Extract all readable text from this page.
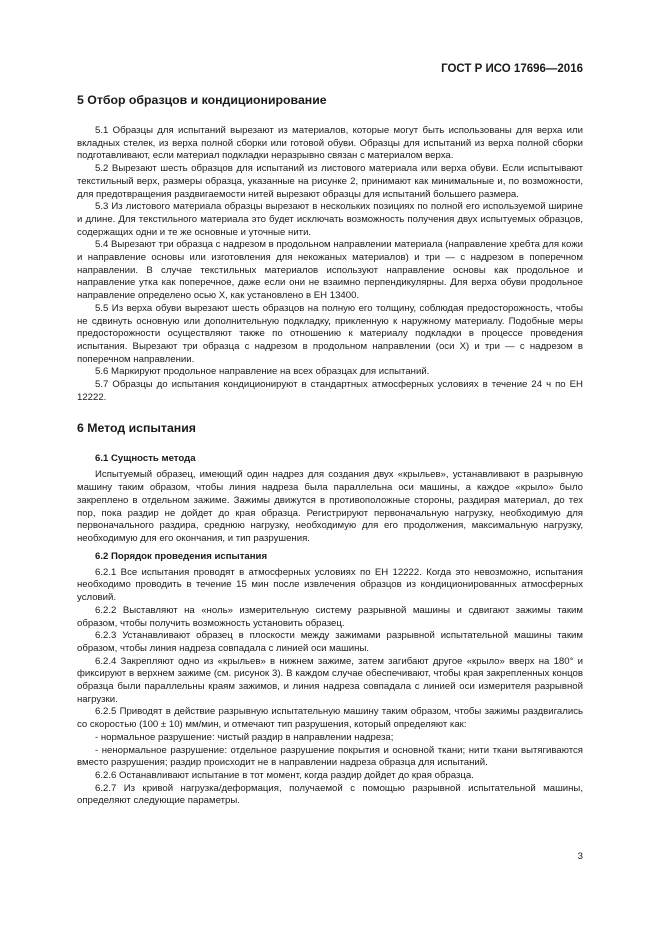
ГОСТ Р ИСО 17696—2016
5 Отбор образцов и кондиционирование

5.1 Образцы для испытаний вырезают из материалов, которые могут быть использованы для верха или вкладных стелек, из верха полной сборки или готовой обуви. Образцы для испытаний из верха полной сборки подготавливают, если материал подкладки неразрывно связан с материалом верха.

5.2 Вырезают шесть образцов для испытаний из листового материала или верха обуви. Если испытывают текстильный верх, размеры образца, указанные на рисунке 2, принимают как минимальные и, по возможности, для предотвращения раздвигаемости нитей вырезают образцы для испытаний большего размера.

5.3 Из листового материала образцы вырезают в нескольких позициях по полной его используемой ширине и длине. Для текстильного материала это будет исключать возможность получения двух испытуемых образцов, содержащих одни и те же основные и уточные нити.

5.4 Вырезают три образца с надрезом в продольном направлении материала (направление хребта для кожи и направление основы или изготовления для некожаных материалов) и три — с надрезом в поперечном направлении. В случае текстильных материалов используют направление основы как продольное и направление утка как поперечное, даже если они не взаимно перпендикулярны. Для верха обуви продольное направление определено осью X, как установлено в ЕН 13400.

5.5 Из верха обуви вырезают шесть образцов на полную его толщину, соблюдая предосторожность, чтобы не сдвинуть основную или дополнительную подкладку, прикленную к наружному материалу. Подобные меры предосторожности осуществляют также по отношению к материалу подкладки в процессе проведения испытания. Вырезают три образца с надрезом в продольном направлении (оси X) и три — с надрезом в поперечном направлении.

5.6 Маркируют продольное направление на всех образцах для испытаний.

5.7 Образцы до испытания кондиционируют в стандартных атмосферных условиях в течение 24 ч по ЕН 12222.

6 Метод испытания
6.1 Сущность метода

Испытуемый образец, имеющий один надрез для создания двух «крыльев», устанавливают в разрывную машину таким образом, чтобы линия надреза была параллельна оси машины, а каждое «крыло» было закреплено в отдельном зажиме. Зажимы движутся в противоположные стороны, раздирая материал, до тех пор, пока раздир не дойдет до края образца. Регистрируют первоначальную нагрузку, необходимую для первоначального раздира, среднюю нагрузку, необходимую для его продолжения, максимальную нагрузку, необходимую для его окончания, и тип разрушения.

6.2 Порядок проведения испытания

6.2.1 Все испытания проводят в атмосферных условиях по ЕН 12222. Когда это невозможно, испытания необходимо проводить в течение 15 мин после извлечения образцов из кондиционированных атмосферных условий.

6.2.2 Выставляют на «ноль» измерительную систему разрывной машины и сдвигают зажимы таким образом, чтобы получить возможность установить образец.

6.2.3 Устанавливают образец в плоскости между зажимами разрывной испытательной машины таким образом, чтобы линия надреза совпадала с линией оси машины.

6.2.4 Закрепляют одно из «крыльев» в нижнем зажиме, затем загибают другое «крыло» вверх на 180° и фиксируют в верхнем зажиме (см. рисунок 3). В каждом случае обеспечивают, чтобы края закрепленных концов образца были параллельны краям зажимов, и линия надреза совпадала с линией оси измерителя разрывной нагрузки.

6.2.5 Приводят в действие разрывную испытательную машину таким образом, чтобы зажимы раздвигались со скоростью (100 ± 10) мм/мин, и отмечают тип разрушения, который определяют как:

- нормальное разрушение: чистый раздир в направлении надреза;
- ненормальное разрушение: отдельное разрушение покрытия и основной ткани; нити ткани вытягиваются вместо разрушения; раздир происходит не в направлении надреза образца для испытаний.

6.2.6 Останавливают испытание в тот момент, когда раздир дойдет до края образца.

6.2.7 Из кривой нагрузка/деформация, получаемой с помощью разрывной испытательной машины, определяют следующие параметры.

3
